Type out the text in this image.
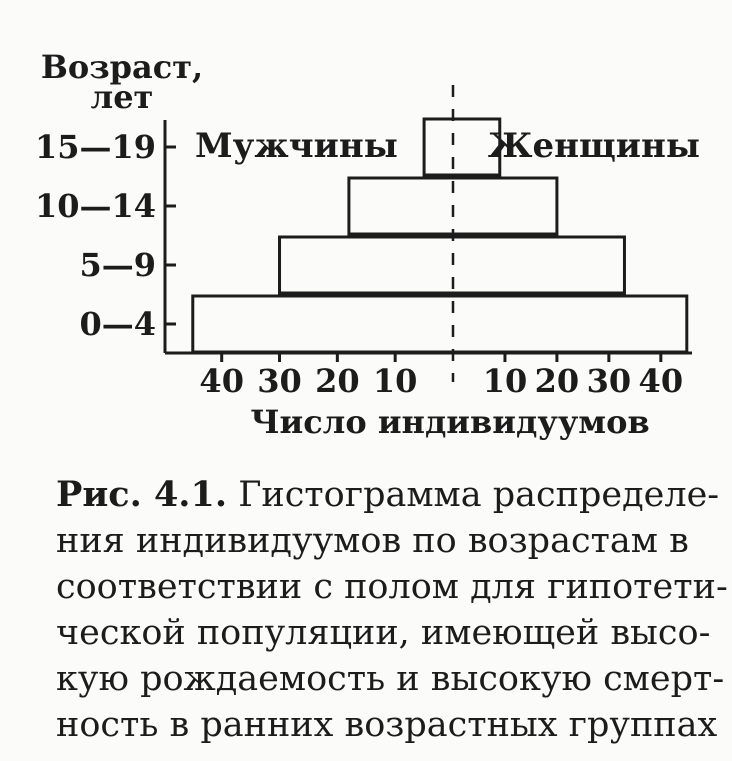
Возраст,
лет
0—4
5—9
10—14
15—19
40 30 20 10 10 20 30 40
Мужчины	Женщины
Число индивидуумов
Рис. 4.1. Гистограмма распределе-
ния индивидуумов по возрастам в
соответствии с полом для гипотети-
ческой популяции, имеющей высо-
кую рождаемость и высокую смерт-
ность в ранних возрастных группах
